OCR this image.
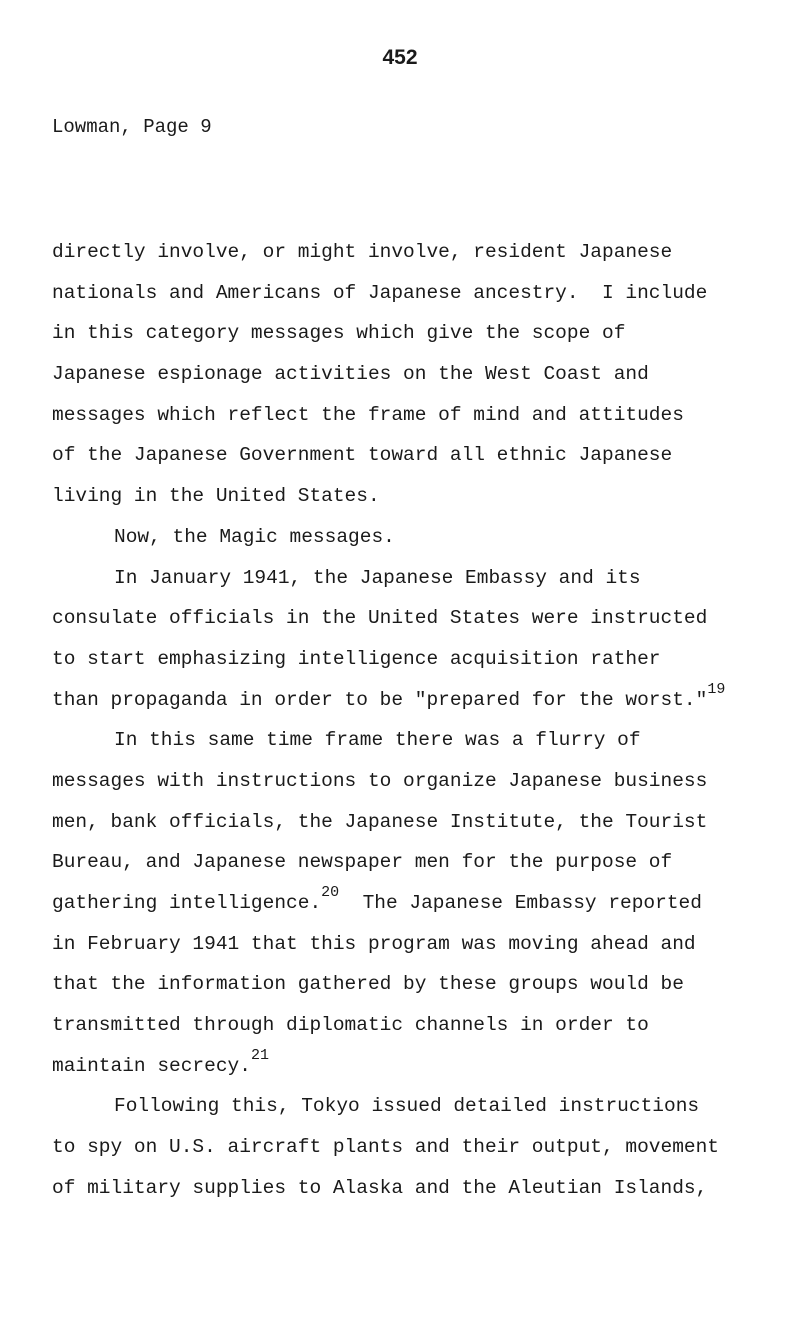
452
Lowman, Page 9
directly involve, or might involve, resident Japanese
nationals and Americans of Japanese ancestry.  I include
in this category messages which give the scope of
Japanese espionage activities on the West Coast and
messages which reflect the frame of mind and attitudes
of the Japanese Government toward all ethnic Japanese
living in the United States.
Now, the Magic messages.
In January 1941, the Japanese Embassy and its
consulate officials in the United States were instructed
to start emphasizing intelligence acquisition rather
than propaganda in order to be "prepared for the worst."$^{19}$
In this same time frame there was a flurry of
messages with instructions to organize Japanese business
men, bank officials, the Japanese Institute, the Tourist
Bureau, and Japanese newspaper men for the purpose of
gathering intelligence.$^{20}$  The Japanese Embassy reported
in February 1941 that this program was moving ahead and
that the information gathered by these groups would be
transmitted through diplomatic channels in order to
maintain secrecy.$^{21}$
Following this, Tokyo issued detailed instructions
to spy on U.S. aircraft plants and their output, movement
of military supplies to Alaska and the Aleutian Islands,
